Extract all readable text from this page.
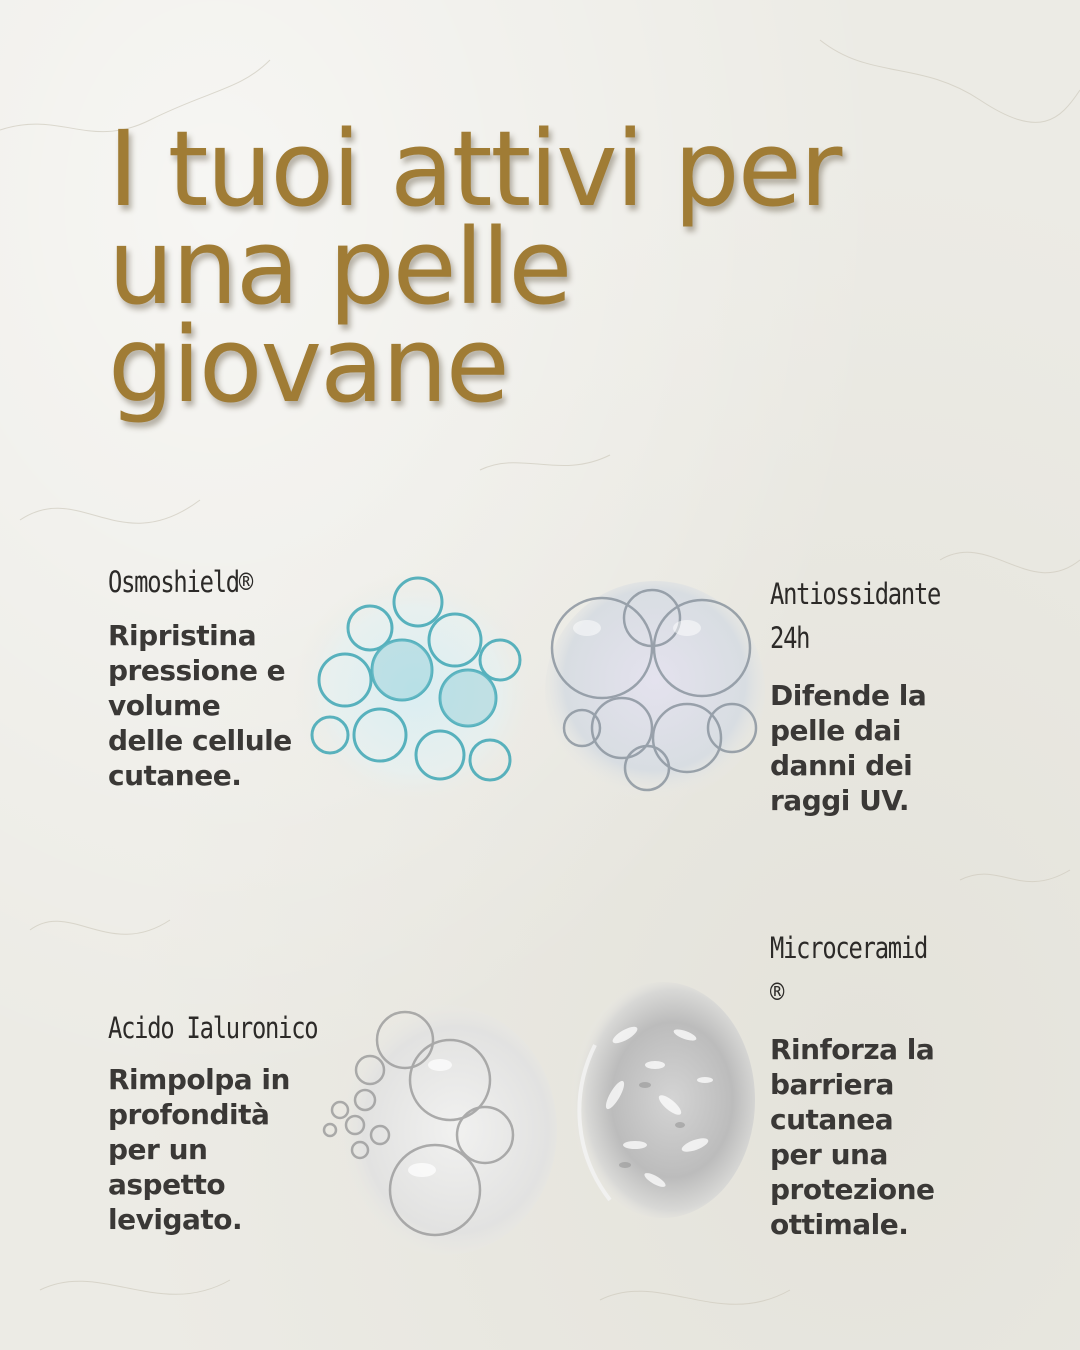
I tuoi attivi per
una pelle
giovane
Osmoshield®

Ripristina
pressione e
volume
delle cellule
cutanee.

Antiossidante
24h

Difende la
pelle dai
danni dei
raggi UV.

Acido Ialuronico

Rimpolpa in
profondità
per un
aspetto
levigato.

Microceramid
®

Rinforza la
barriera
cutanea
per una
protezione
ottimale.
